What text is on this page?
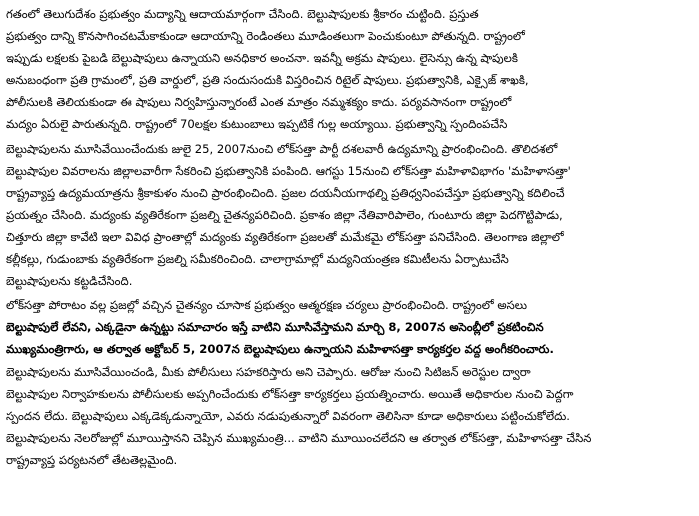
గతంలో తెలుగుదేశం ప్రభుత్వం మద్యాన్ని ఆదాయమార్గంగా చేసింది. బెల్టుషాపులకు శ్రీకారం చుట్టింది. ప్రస్తుత
ప్రభుత్వం దాన్ని కొనసాగించటమేకాకుండా ఆదాయాన్ని రెండింతలు మూడింతలుగా పెంచుకుంటూ పోతున్నది. రాష్ట్రంలో
ఇప్పుడు లక్షలకు పైబడి బెల్టుషాపులు ఉన్నాయని అనధికార అంచనా. ఇవన్నీ అక్రమ షాపులు. లైసెన్సు ఉన్న షాపులకి
అనుబంధంగా ప్రతి గ్రామంలో, ప్రతి వార్డులో, ప్రతి సందుసందుకి విస్తరించిన రిటైల్ షాపులు. ప్రభుత్వానికి, ఎక్సైజ్ శాఖకి,
పోలీసులకి తెలియకుండా ఈ షాపులు నిర్వహిస్తున్నారంటే ఎంత మాత్రం నమ్మశక్యం కాదు. పర్యవసానంగా రాష్ట్రంలో
మద్యం ఏరులై పారుతున్నది. రాష్ట్రంలో 70లక్షల కుటుంబాలు ఇప్పటికే గుల్ల అయ్యాయి. ప్రభుత్వాన్ని స్పందింపచేసి

బెల్టుషాపులను మూసివేయించేందుకు జులై 25, 2007నుంచి లోక్‌సత్తా పార్టీ దశలవారీ ఉద్యమాన్ని ప్రారంభించింది. తొలిదశలో
బెల్టుషాపుల వివరాలను జిల్లాలవారీగా సేకరించి ప్రభుత్వానికి పంపింది. ఆగస్టు 15నుంచి లోక్‌సత్తా మహిళావిభాగం 'మహిళాసత్తా'
రాష్ట్రవ్యాప్త ఉద్యమయాత్రను శ్రీకాకుళం నుంచి ప్రారంభించింది. ప్రజల దయనీయగాథల్ని ప్రతిధ్వనింపచేస్తూ ప్రభుత్వాన్ని కదిలించే
ప్రయత్నం చేసింది. మద్యంకు వ్యతిరేకంగా ప్రజల్ని చైతన్యపరిచింది. ప్రకాశం జిల్లా నేతివారిపాలెం, గుంటూరు జిల్లా పెదగొట్టిపాడు,
చిత్తూరు జిల్లా కావేటి ఇలా వివిధ ప్రాంతాల్లో మద్యంకు వ్యతిరేకంగా ప్రజలతో మమేకమై లోక్‌సత్తా పనిచేసింది. తెలంగాణ జిల్లాలో
కల్లీకల్లు, గుడుంబాకు వ్యతిరేకంగా ప్రజల్ని సమీకరించింది. చాలాగ్రామాల్లో మద్యనియంత్రణ కమిటీలను ఏర్పాటుచేసి
బెల్టుషాపులను కట్టడిచేసింది.

లోక్‌సత్తా పోరాటం వల్ల ప్రజల్లో వచ్చిన చైతన్యం చూసాక ప్రభుత్వం ఆత్మరక్షణ చర్యలు ప్రారంభించింది. రాష్ట్రంలో అసలు
బెల్టుషాపులే లేవని, ఎక్కడైనా ఉన్నట్టు సమాచారం ఇస్తే వాటిని మూసివేస్తామని మార్చి 8, 2007న అసెంబ్లీలో ప్రకటించిన
ముఖ్యమంత్రిగారు, ఆ తర్వాత అక్టోబర్ 5, 2007న బెల్టుషాపులు ఉన్నాయని మహిళాసత్తా కార్యకర్తల వద్ద అంగీకరించారు.
బెల్టుషాపులను మూసివేయించండి, మీకు పోలీసులు సహకరిస్తారు అని చెప్పారు. ఆరోజు నుంచి సిటిజన్ అరెస్టుల ద్వారా
బెల్టుషాపుల నిర్వాహకులను పోలీసులకు అప్పగించేందుకు లోక్‌సత్తా కార్యకర్తలు ప్రయత్నించారు. అయితే అధికారుల నుంచి పెద్దగా
స్పందన లేదు. బెల్టుషాపులు ఎక్కడెక్కడున్నాయో, ఎవరు నడుపుతున్నారో వివరంగా తెలిసినా కూడా అధికారులు పట్టించుకోలేదు.
బెల్టుషాపులను నెలరోజుల్లో మూయిస్తానని చెప్పిన ముఖ్యమంత్రి... వాటిని మూయించలేదని ఆ తర్వాత లోక్‌సత్తా, మహిళాసత్తా చేసిన
రాష్ట్రవ్యాప్త పర్యటనలో తేటతెల్లమైంది.
